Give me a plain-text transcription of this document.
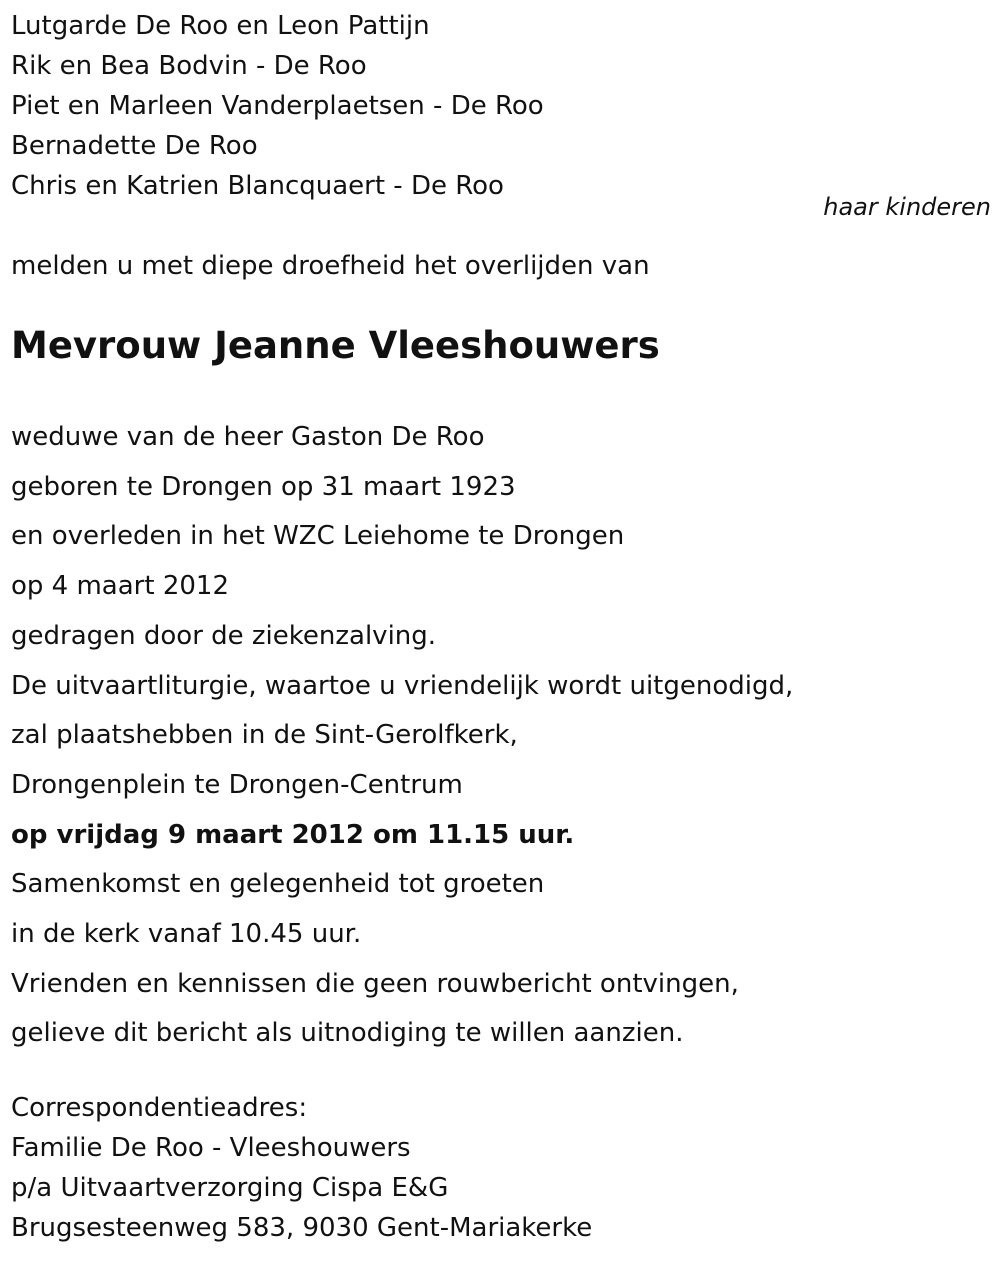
Lutgarde De Roo en Leon Pattijn
Rik en Bea Bodvin - De Roo
Piet en Marleen Vanderplaetsen - De Roo
Bernadette De Roo
Chris en Katrien Blancquaert - De Roo
haar kinderen
melden u met diepe droefheid het overlijden van
Mevrouw Jeanne Vleeshouwers
weduwe van de heer Gaston De Roo
geboren te Drongen op 31 maart 1923
en overleden in het WZC Leiehome te Drongen
op 4 maart 2012
gedragen door de ziekenzalving.
De uitvaartliturgie, waartoe u vriendelijk wordt uitgenodigd,
zal plaatshebben in de Sint-Gerolfkerk,
Drongenplein te Drongen-Centrum
op vrijdag 9 maart 2012 om 11.15 uur.
Samenkomst en gelegenheid tot groeten
in de kerk vanaf 10.45 uur.
Vrienden en kennissen die geen rouwbericht ontvingen,
gelieve dit bericht als uitnodiging te willen aanzien.
Correspondentieadres:
Familie De Roo - Vleeshouwers
p/a Uitvaartverzorging Cispa E&G
Brugsesteenweg 583, 9030 Gent-Mariakerke
